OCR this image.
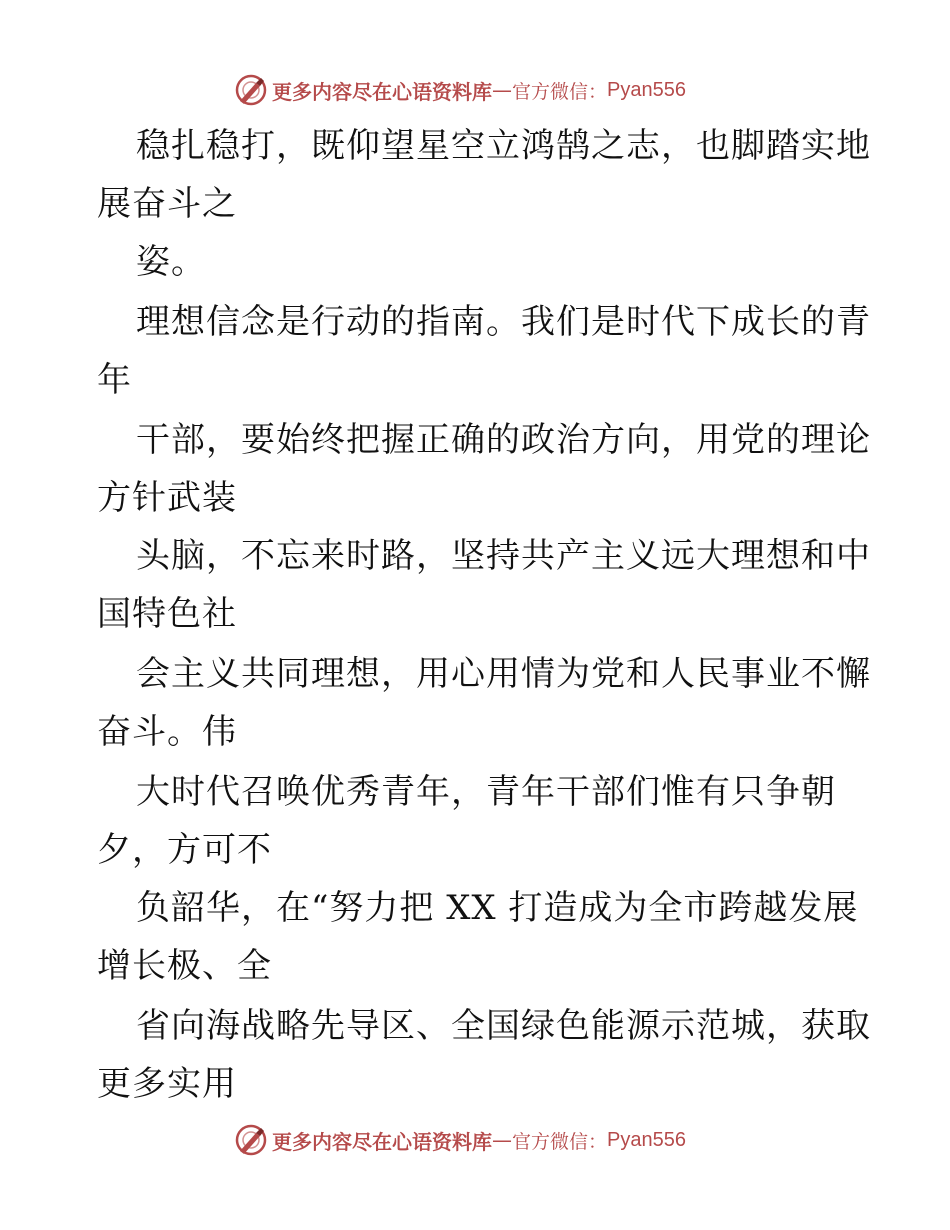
更多内容尽在心语资料库 — 官方微信： Pyan556
稳扎稳打，既仰望星空立鸿鹄之志，也脚踏实地
展奋斗之
姿。
理想信念是行动的指南。我们是时代下成长的青
年
干部，要始终把握正确的政治方向，用党的理论
方针武装
头脑，不忘来时路，坚持共产主义远大理想和中
国特色社
会主义共同理想，用心用情为党和人民事业不懈
奋斗。伟
大时代召唤优秀青年，青年干部们惟有只争朝
夕，方可不
负韶华，在“努力把 XX 打造成为全市跨越发展
增长极、全
省向海战略先导区、全国绿色能源示范城，获取
更多实用
更多内容尽在心语资料库 — 官方微信： Pyan556
